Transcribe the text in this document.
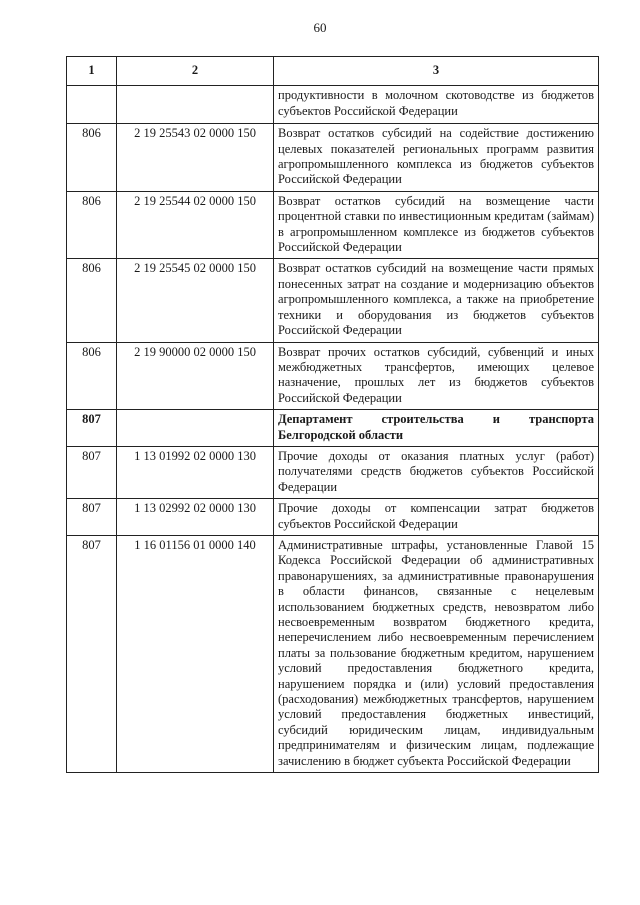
60
1	2	3
		продуктивности в молочном скотоводстве из бюджетов субъектов Российской Федерации
806	2 19 25543 02 0000 150	Возврат остатков субсидий на содействие достижению целевых показателей региональных программ развития агропромышленного комплекса из бюджетов субъектов Российской Федерации
806	2 19 25544 02 0000 150	Возврат остатков субсидий на возмещение части процентной ставки по инвестиционным кредитам (займам) в агропромышленном комплексе из бюджетов субъектов Российской Федерации
806	2 19 25545 02 0000 150	Возврат остатков субсидий на возмещение части прямых понесенных затрат на создание и модернизацию объектов агропромышленного комплекса, а также на приобретение техники и оборудования из бюджетов субъектов Российской Федерации
806	2 19 90000 02 0000 150	Возврат прочих остатков субсидий, субвенций и иных межбюджетных трансфертов, имеющих целевое назначение, прошлых лет из бюджетов субъектов Российской Федерации
807		Департамент строительства и транспорта Белгородской области
807	1 13 01992 02 0000 130	Прочие доходы от оказания платных услуг (работ) получателями средств бюджетов субъектов Российской Федерации
807	1 13 02992 02 0000 130	Прочие доходы от компенсации затрат бюджетов субъектов Российской Федерации
807	1 16 01156 01 0000 140	Административные штрафы, установленные Главой 15 Кодекса Российской Федерации об административных правонарушениях, за административные правонарушения в области финансов, связанные с нецелевым использованием бюджетных средств, невозвратом либо несвоевременным возвратом бюджетного кредита, неперечислением либо несвоевременным перечислением платы за пользование бюджетным кредитом, нарушением условий предоставления бюджетного кредита, нарушением порядка и (или) условий предоставления (расходования) межбюджетных трансфертов, нарушением условий предоставления бюджетных инвестиций, субсидий юридическим лицам, индивидуальным предпринимателям и физическим лицам, подлежащие зачислению в бюджет субъекта Российской Федерации
